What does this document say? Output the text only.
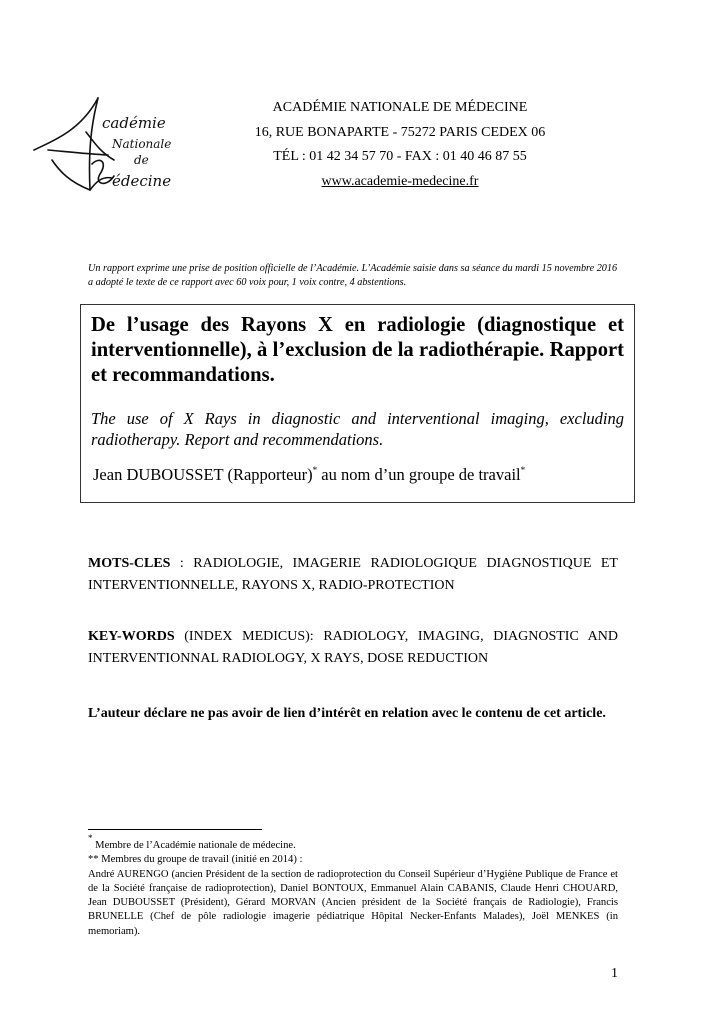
cadémie
Nationale
de
édecine
ACADÉMIE NATIONALE DE MÉDECINE
16, RUE BONAPARTE - 75272 PARIS CEDEX 06
TÉL : 01 42 34 57 70 - FAX : 01 40 46 87 55
www.academie-medecine.fr
Un rapport exprime une prise de position officielle de l’Académie. L’Académie saisie dans sa séance du mardi 15 novembre 2016 a adopté le texte de ce rapport avec 60 voix pour, 1 voix contre, 4 abstentions.
De l’usage des Rayons X en radiologie (diagnostique et interventionnelle), à l’exclusion de la radiothérapie. Rapport et recommandations.
The use of X Rays in diagnostic and interventional imaging, excluding radiotherapy. Report and recommendations.
Jean DUBOUSSET (Rapporteur)* au nom d’un groupe de travail*
MOTS-CLES : RADIOLOGIE, IMAGERIE RADIOLOGIQUE DIAGNOSTIQUE ET INTERVENTIONNELLE, RAYONS X, RADIO-PROTECTION
KEY-WORDS (INDEX MEDICUS): RADIOLOGY, IMAGING, DIAGNOSTIC AND INTERVENTIONNAL RADIOLOGY, X RAYS, DOSE REDUCTION
L’auteur déclare ne pas avoir de lien d’intérêt en relation avec le contenu de cet article.

* Membre de l’Académie nationale de médecine.

** Membres du groupe de travail (initié en 2014) :

André AURENGO (ancien Président de la section de radioprotection du Conseil Supérieur d’Hygiène Publique de France et de la Société française de radioprotection), Daniel BONTOUX, Emmanuel Alain CABANIS, Claude Henri CHOUARD, Jean DUBOUSSET (Président), Gérard MORVAN (Ancien président de la Société français de Radiologie), Francis BRUNELLE (Chef de pôle radiologie imagerie pédiatrique Hôpital Necker-Enfants Malades), Joël MENKES (in memoriam).

1
